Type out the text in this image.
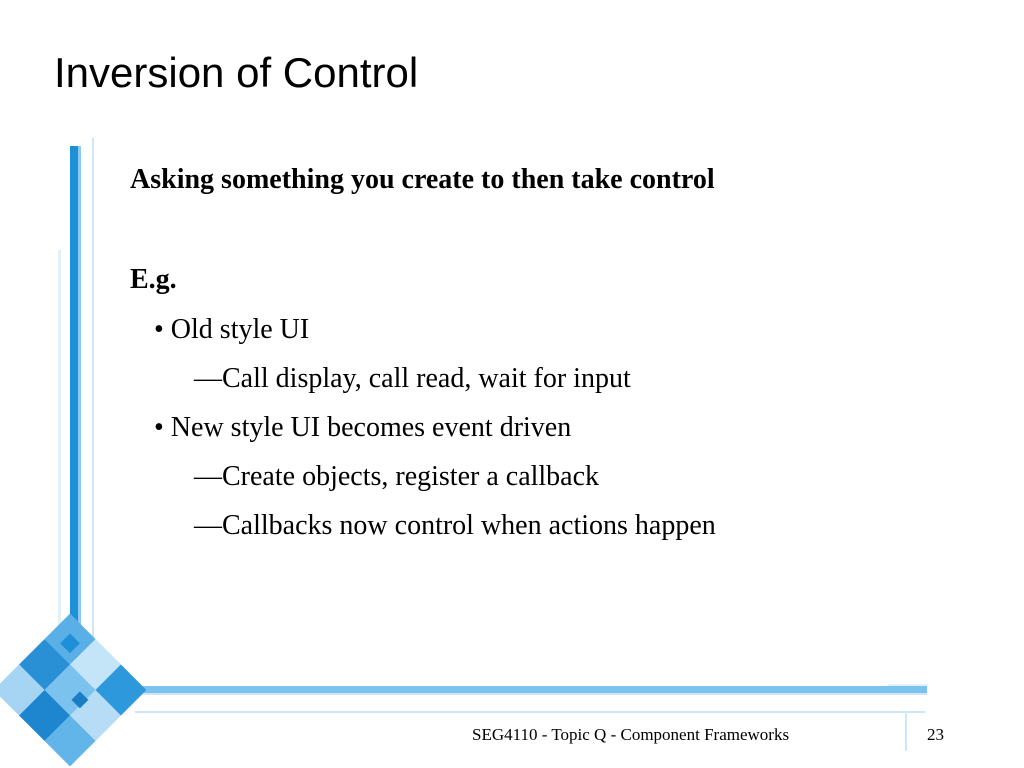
Inversion of Control
Asking something you create to then take control
E.g.
• Old style UI
—Call display, call read, wait for input
• New style UI becomes event driven
—Create objects, register a callback
—Callbacks now control when actions happen
SEG4110 - Topic Q - Component Frameworks	23
